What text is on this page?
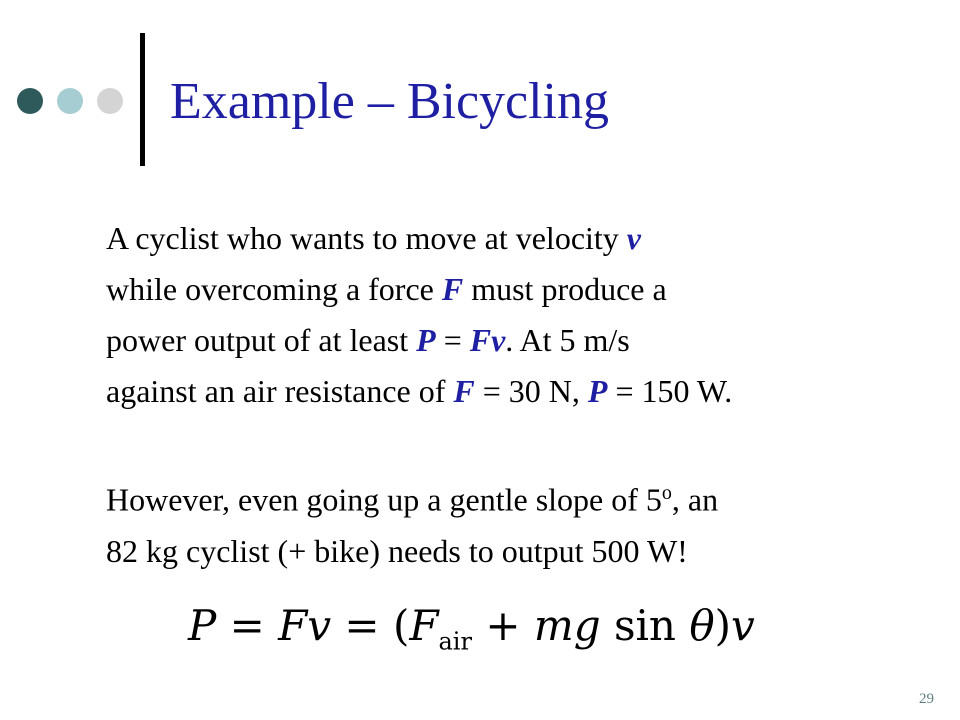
Example – Bicycling

A cyclist who wants to move at velocity v

while overcoming a force F must produce a

power output of at least P = Fv. At 5 m/s

against an air resistance of F = 30 N, P = 150 W.

However, even going up a gentle slope of 5$^o$, an

82 kg cyclist (+ bike) needs to output 500 W!

$P = Fv = (F_{air}$ + mg sin θ)v
29
